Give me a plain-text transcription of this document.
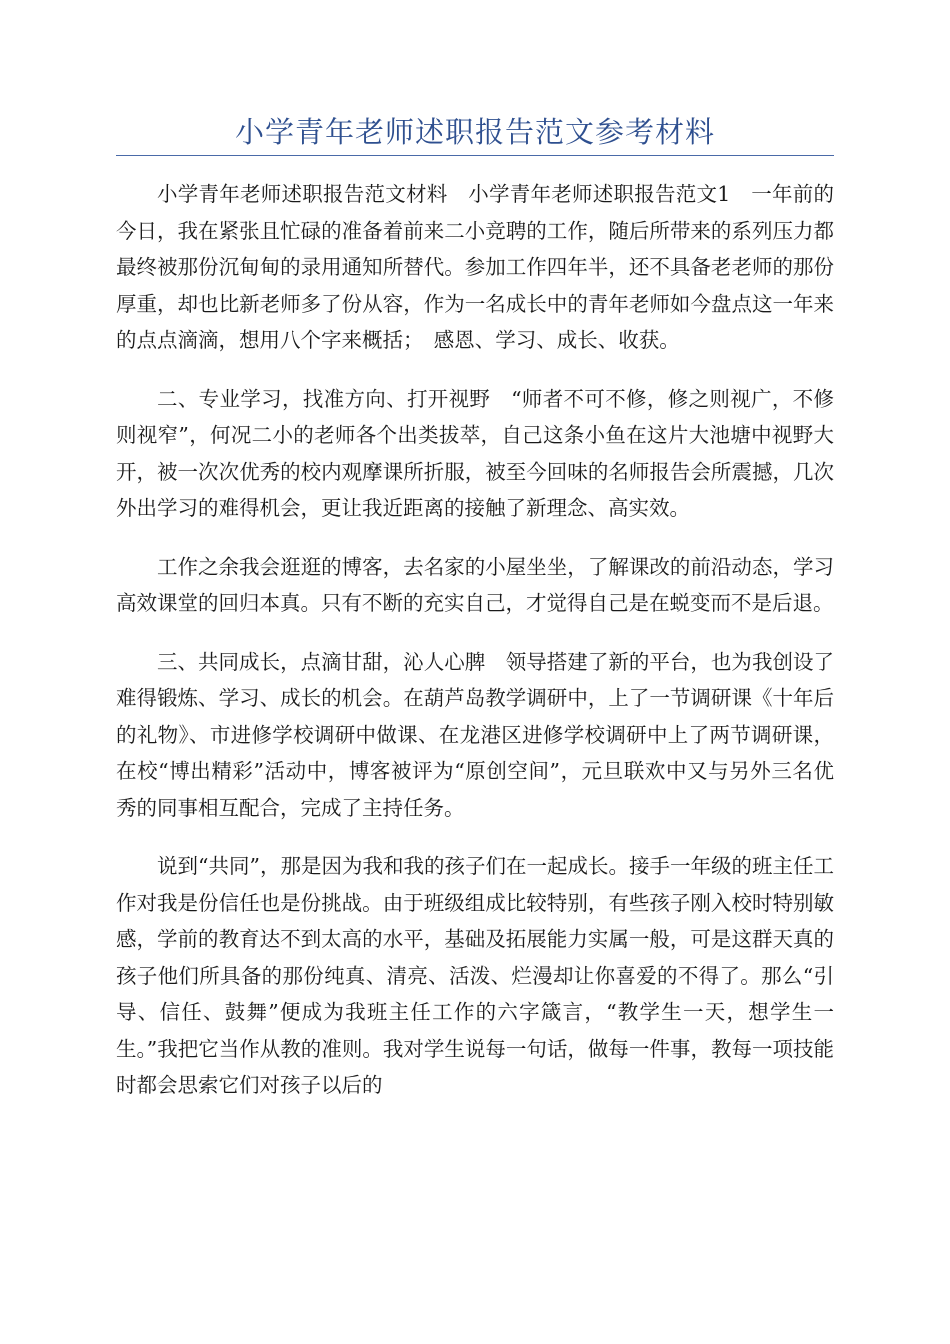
小学青年老师述职报告范文参考材料

小学青年老师述职报告范文材料　小学青年老师述职报告范文1　一年前的今日，我在紧张且忙碌的准备着前来二小竞聘的工作，随后所带来的系列压力都最终被那份沉甸甸的录用通知所替代。参加工作四年半，还不具备老老师的那份厚重，却也比新老师多了份从容，作为一名成长中的青年老师如今盘点这一年来的点点滴滴，想用八个字来概括；　感恩、学习、成长、收获。

二、专业学习，找准方向、打开视野　“师者不可不修，修之则视广，不修则视窄”，何况二小的老师各个出类拔萃，自己这条小鱼在这片大池塘中视野大开，被一次次优秀的校内观摩课所折服，被至今回味的名师报告会所震撼，几次外出学习的难得机会，更让我近距离的接触了新理念、高实效。

工作之余我会逛逛的博客，去名家的小屋坐坐，了解课改的前沿动态，学习高效课堂的回归本真。只有不断的充实自己，才觉得自己是在蜕变而不是后退。

三、共同成长，点滴甘甜，沁人心脾　领导搭建了新的平台，也为我创设了难得锻炼、学习、成长的机会。在葫芦岛教学调研中，上了一节调研课《十年后的礼物》、市进修学校调研中做课、在龙港区进修学校调研中上了两节调研课，在校“博出精彩”活动中，博客被评为“原创空间”，元旦联欢中又与另外三名优秀的同事相互配合，完成了主持任务。

说到“共同”，那是因为我和我的孩子们在一起成长。接手一年级的班主任工作对我是份信任也是份挑战。由于班级组成比较特别，有些孩子刚入校时特别敏感，学前的教育达不到太高的水平，基础及拓展能力实属一般，可是这群天真的孩子他们所具备的那份纯真、清亮、活泼、烂漫却让你喜爱的不得了。那么“引导、信任、鼓舞”便成为我班主任工作的六字箴言，“教学生一天，想学生一生。”我把它当作从教的准则。我对学生说每一句话，做每一件事，教每一项技能时都会思索它们对孩子以后的
